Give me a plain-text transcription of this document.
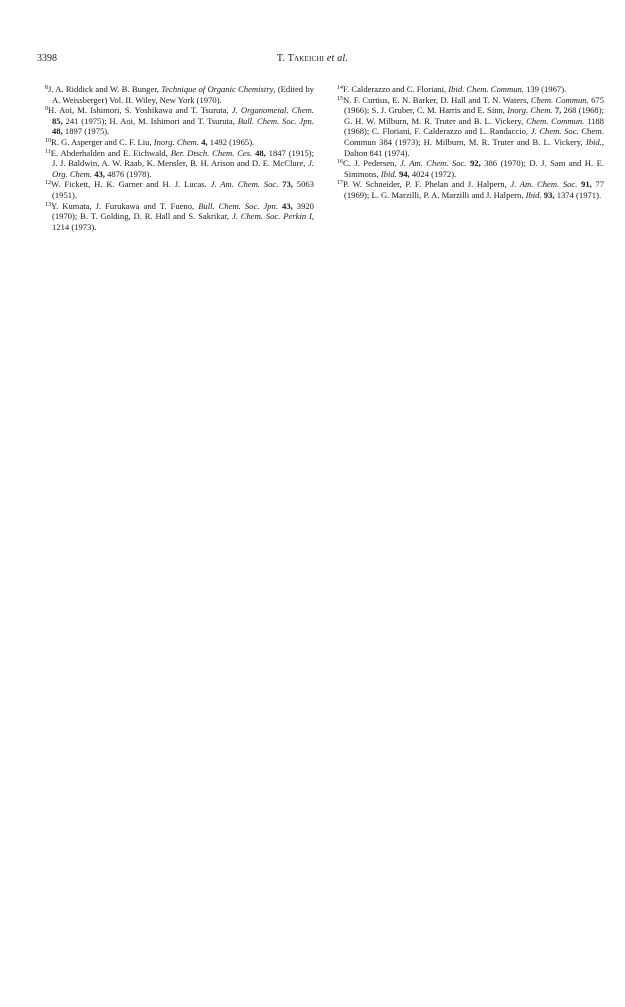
3398	T. Takeichi et al.

$^8$J. A. Riddick and W. B. Bunger, Technique of Organic Chemistry, (Edited by A. Weissberger) Vol. II. Wiley, New York (1970).

$^9$H. Aoi, M. Ishimori, S. Yoshikawa and T. Tsuruta, J. Organometal. Chem. 85, 241 (1975); H. Aoi, M. Ishimori and T. Tsuruta, Bull. Chem. Soc. Jpn. 48, 1897 (1975).

$^{10}$R. G. Asperger and C. F. Liu, Inorg. Chem. 4, 1492 (1965).

$^{11}$E. Abderhalden and E. Eichwald, Ber. Dtsch. Chem. Ces. 48, 1847 (1915); J. J. Baldwin, A. W. Raab, K. Mensler, B. H. Arison and D. E. McClure, J. Org. Chem. 43, 4876 (1978).

$^{12}$W. Fickett, H. K. Garner and H. J. Lucas. J. Am. Chem. Soc. 73, 5063 (1951).

$^{13}$Y. Kumata, J. Furukawa and T. Fueno, Bull. Chem. Soc. Jpn. 43, 3920 (1970); B. T. Golding, D. R. Hall and S. Sakrikar, J. Chem. Soc. Perkin I, 1214 (1973).

$^{14}$F. Calderazzo and C. Floriani, Ibid. Chem. Commun. 139 (1967).

$^{15}$N. F. Curtius, E. N. Barker, D. Hall and T. N. Waters, Chem. Commun. 675 (1966); S. J. Gruber, C. M. Harris and E. Sinn, Inorg. Chem. 7, 268 (1968); G. H. W. Milburn, M. R. Truter and B. L. Vickery, Chem. Commun. 1188 (1968); C. Floriani, F. Calderazzo and L. Randaccio, J. Chem. Soc. Chem. Commun 384 (1973); H. Milburn, M. R. Truter and B. L. Vickery, Ibid., Dalton 841 (1974).

$^{16}$C. J. Pedersen, J. Am. Chem. Soc. 92, 386 (1970); D. J. Sam and H. E. Simmons, Ibid. 94, 4024 (1972).

$^{17}$P. W. Schneider, P. F. Phelan and J. Halpern, J. Am. Chem. Soc. 91, 77 (1969); L. G. Marzilli, P. A. Marzilli and J. Halpern, Ibid. 93, 1374 (1971).
